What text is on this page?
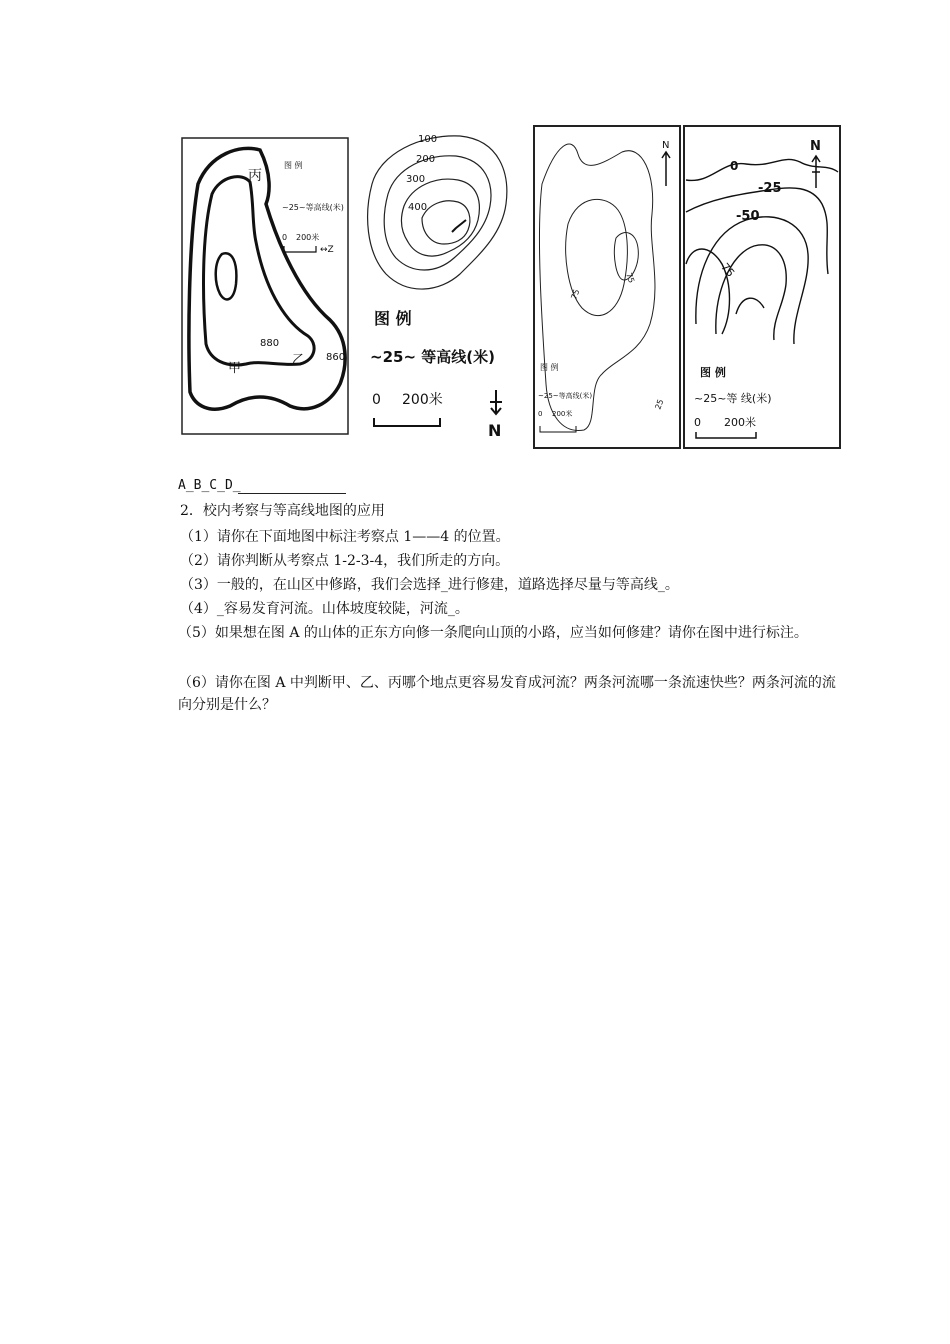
丙
图 例
~25~等高线(米)
0 200米
↔Z
880
860
甲
乙
100
200
300
400
图 例
~25~ 等高线(米)
0 200米
N
75
75
25
N
图 例
~25~等高线(米)
0 200米
0
-25
-50
-75
N
图 例
~25~等 线(米)
0 200米
A_B_C_D_
2．校内考察与等高线地图的应用
（1）请你在下面地图中标注考察点 1——4 的位置。
（2）请你判断从考察点 1-2-3-4，我们所走的方向。
（3）一般的，在山区中修路，我们会选择_进行修建，道路选择尽量与等高线_。
（4）_容易发育河流。山体坡度较陡，河流_。
（5）如果想在图 A 的山体的正东方向修一条爬向山顶的小路，应当如何修建？请你在图中进行标注。
（6）请你在图 A 中判断甲、乙、丙哪个地点更容易发育成河流？两条河流哪一条流速快些？两条河流的流向分别是什么？
